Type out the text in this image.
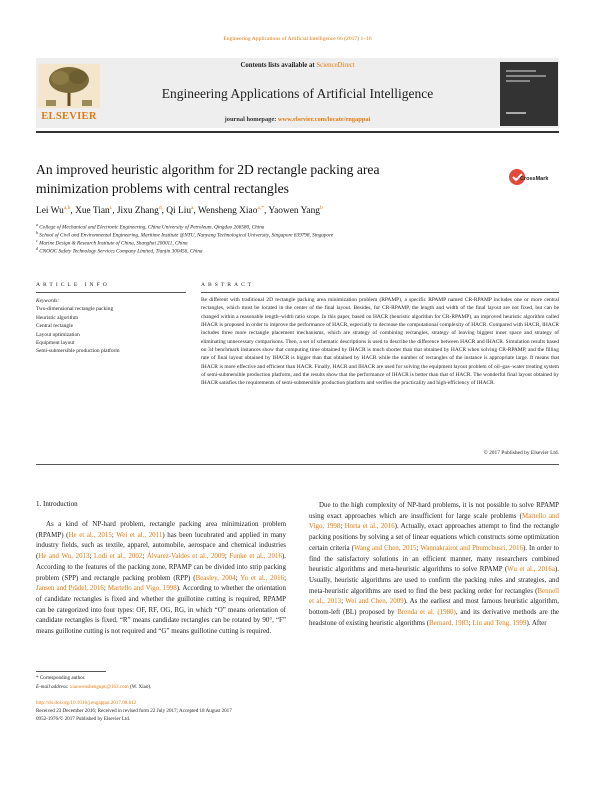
Engineering Applications of Artificial Intelligence 66 (2017) 1–16
ELSEVIER
Contents lists available at ScienceDirect
Engineering Applications of Artificial Intelligence
journal homepage: www.elsevier.com/locate/engappai
An improved heuristic algorithm for 2D rectangle packing area
minimization problems with central rectangles
CrossMark
Lei Wu$^{a,b}$, Xue Tian$^c$, Jixu Zhang$^d$, Qi Liu$^a$, Wensheng Xiao$^{a,*}$, Yaowen Yang$^b$
$^a$ College of Mechanical and Electronic Engineering, China University of Petroleum, Qingdao 266580, China
$^b$ School of Civil and Environmental Engineering, Maritime Institute @NTU, Nanyang Technological University, Singapore 639798, Singapore
$^c$ Marine Design & Research Institute of China, Shanghai 200011, China
$^d$ CNOOC Safety Technology Services Company Limited, Tianjin 300456, China
ARTICLE INFO	ABSTRACT
Keywords:
Two-dimensional rectangle packing
Heuristic algorithm
Central rectangle
Layout optimization
Equipment layout
Semi-submersible production platform
Be different with traditional 2D rectangle packing area minimization problem (RPAMP), a specific RPAMP named CR-RPAMP includes one or more central rectangles, which must be located in the center of the final layout. Besides, for CR-RPAMP, the length and width of the final layout are not fixed, but can be changed within a reasonable length–width ratio scope. In this paper, based on HACR (heuristic algorithm for CR-RPAMP), an improved heuristic algorithm called IHACR is proposed in order to improve the performance of HACR, especially to decrease the computational complexity of HACR. Compared with HACR, IHACR includes three more rectangle placement mechanisms, which are strategy of combining rectangles, strategy of leaving biggest inner space and strategy of eliminating unnecessary comparisons. Then, a set of schematic descriptions is used to describe the difference between HACR and IHACR. Simulation results based on 34 benchmark instances show that computing time obtained by IHACR is much shorter than that obtained by HACR when solving CR-RPAMP, and the filling rate of final layout obtained by IHACR is bigger than that obtained by HACR while the number of rectangles of the instance is appropriate large. It means that IHACR is more effective and efficient than HACR. Finally, HACR and IHACR are used for solving the equipment layout problem of oil–gas–water treating system of semi-submersible production platform, and the results show that the performance of IHACR is better than that of HACR. The wonderful final layout obtained by IHACR satisfies the requirements of semi-submersible production platform and verifies the practicality and high-efficiency of IHACR.
© 2017 Published by Elsevier Ltd.
1. Introduction
As a kind of NP-hard problem, rectangle packing area minimization problem (RPAMP) (He et al., 2015; Wei et al., 2011) has been lucubrated and applied in many industry fields, such as textile, apparel, automobile, aerospace and chemical industries (He and Wu, 2013; Lodi et al., 2002; Álvarez-Valdes et al., 2009; Funke et al., 2016). According to the features of the packing zone, RPAMP can be divided into strip packing problem (SPP) and rectangle packing problem (RPP) (Beasley, 2004; Yu et al., 2016; Jansen and Prädel, 2016; Martello and Vigo, 1998). According to whether the orientation of candidate rectangles is fixed and whether the guillotine cutting is required, RPAMP can be categorized into four types: OF, RF, OG, RG, in which “O” means orientation of candidate rectangles is fixed, “R” means candidate rectangles can be rotated by 90°, “F” means guillotine cutting is not required and “G” means guillotine cutting is required.
Due to the high complexity of NP-hard problems, it is not possible to solve RPAMP using exact approaches which are insufficient for large scale problems (Martello and Vigo, 1998; Horta et al., 2016). Actually, exact approaches attempt to find the rectangle packing positions by solving a set of linear equations which constructs some optimization certain criteria (Wang and Chen, 2015; Wannakrairot and Phumchusri, 2016). In order to find the satisfactory solutions in an efficient manner, many researchers combined heuristic algorithms and meta-heuristic algorithms to solve RPAMP (Wu et al., 2016a). Usually, heuristic algorithms are used to confirm the packing rules and strategies, and meta-heuristic algorithms are used to find the best packing order for rectangles (Bennell et al., 2013; Wei and Chen, 2009). As the earliest and most famous heuristic algorithm, bottom-left (BL) proposed by Brenda et al. (1980), and its derivative methods are the headstone of existing heuristic algorithms (Bernard, 1983; Liu and Teng, 1999). After
* Corresponding author.
E-mail address: xiaowenshengupc@163.com (W. Xiao).
http://dx.doi.org/10.1016/j.engappai.2017.08.012
Received 23 December 2016; Received in revised form 22 July 2017; Accepted 18 August 2017
0952-1976/© 2017 Published by Elsevier Ltd.
